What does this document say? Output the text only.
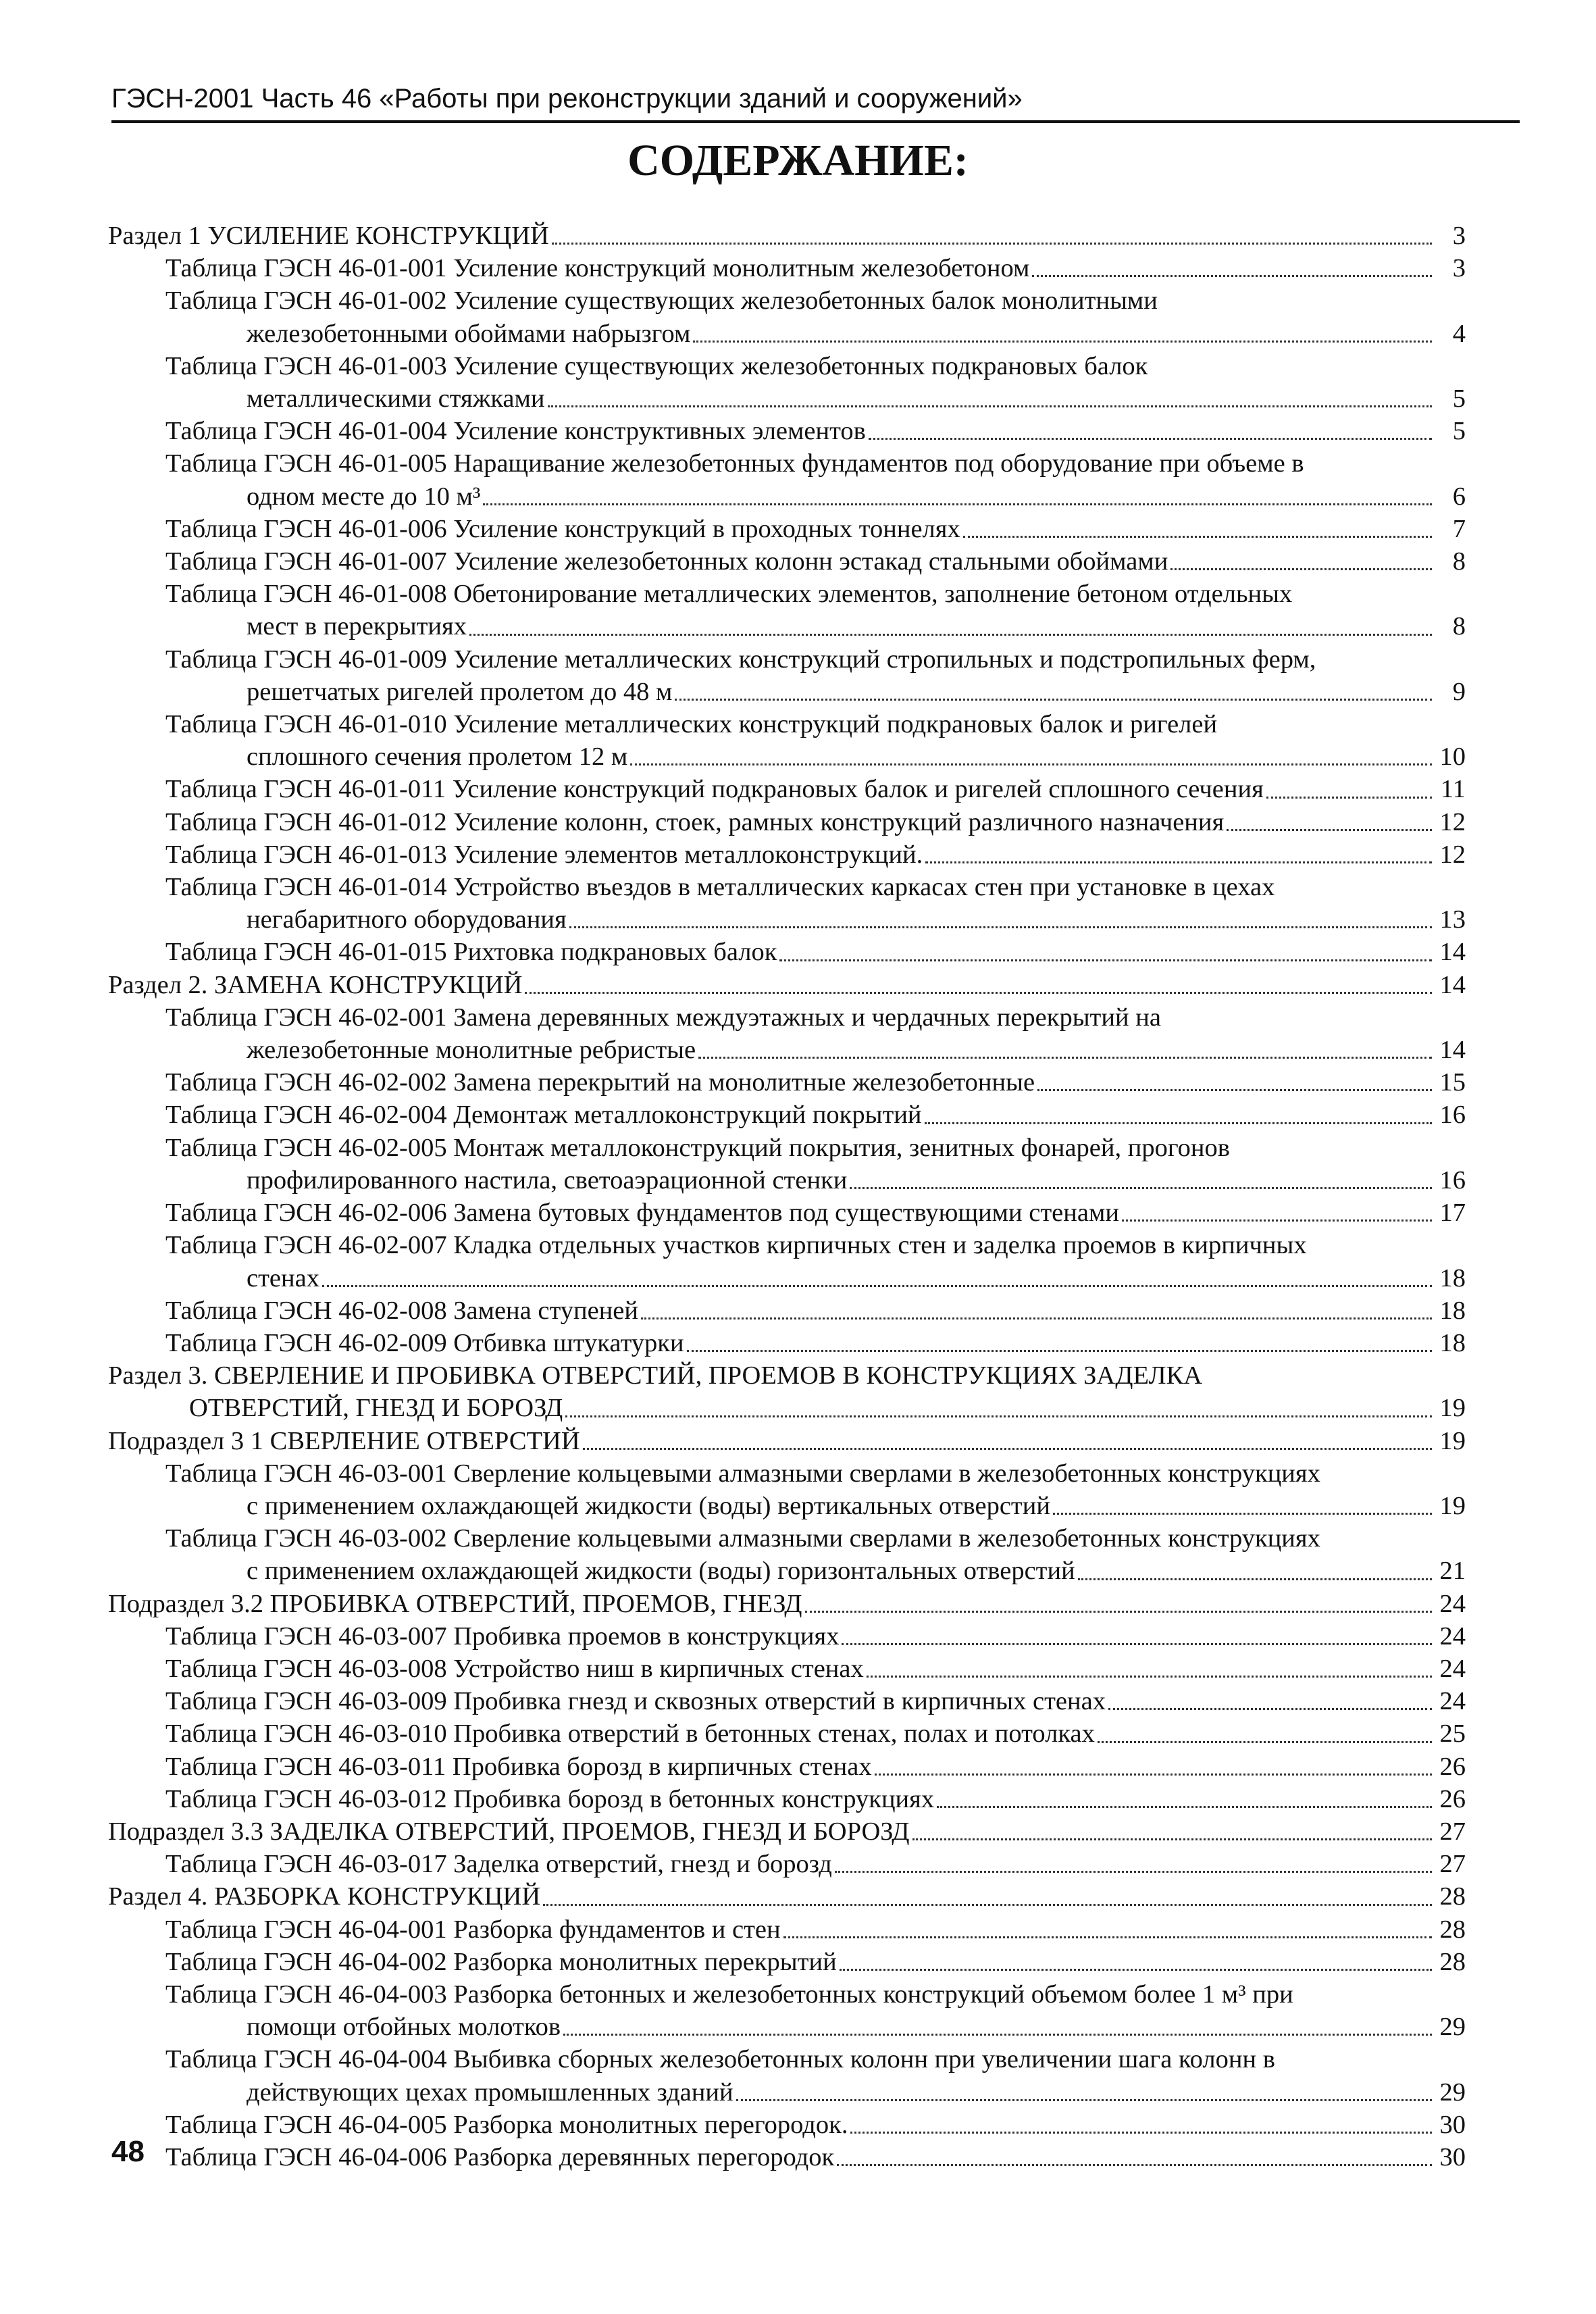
ГЭСН-2001 Часть 46 «Работы при реконструкции зданий и сооружений»
СОДЕРЖАНИЕ:
Раздел 1 УСИЛЕНИЕ КОНСТРУКЦИЙ	3
Таблица ГЭСН 46-01-001 Усиление конструкций монолитным железобетоном	3
Таблица ГЭСН 46-01-002 Усиление существующих железобетонных балок монолитными
железобетонными обоймами набрызгом	4
Таблица ГЭСН 46-01-003 Усиление существующих железобетонных подкрановых балок
металлическими стяжками	5
Таблица ГЭСН 46-01-004 Усиление конструктивных элементов	5
Таблица ГЭСН 46-01-005 Наращивание железобетонных фундаментов под оборудование при объеме в
одном месте до 10 м³	6
Таблица ГЭСН 46-01-006 Усиление конструкций в проходных тоннелях	7
Таблица ГЭСН 46-01-007 Усиление железобетонных колонн эстакад стальными обоймами	8
Таблица ГЭСН 46-01-008 Обетонирование металлических элементов, заполнение бетоном отдельных
мест в перекрытиях	8
Таблица ГЭСН 46-01-009 Усиление металлических конструкций стропильных и подстропильных ферм,
решетчатых ригелей пролетом до 48 м	9
Таблица ГЭСН 46-01-010 Усиление металлических конструкций подкрановых балок и ригелей
сплошного сечения пролетом 12 м	10
Таблица ГЭСН 46-01-011 Усиление конструкций подкрановых балок и ригелей сплошного сечения	11
Таблица ГЭСН 46-01-012 Усиление колонн, стоек, рамных конструкций различного назначения	12
Таблица ГЭСН 46-01-013 Усиление элементов металлоконструкций.	12
Таблица ГЭСН 46-01-014 Устройство въездов в металлических каркасах стен при установке в цехах
негабаритного оборудования	13
Таблица ГЭСН 46-01-015 Рихтовка подкрановых балок	14
Раздел 2. ЗАМЕНА КОНСТРУКЦИЙ	14
Таблица ГЭСН 46-02-001 Замена деревянных междуэтажных и чердачных перекрытий на
железобетонные монолитные ребристые	14
Таблица ГЭСН 46-02-002 Замена перекрытий на монолитные железобетонные	15
Таблица ГЭСН 46-02-004 Демонтаж металлоконструкций покрытий	16
Таблица ГЭСН 46-02-005 Монтаж металлоконструкций покрытия, зенитных фонарей, прогонов
профилированного настила, светоаэрационной стенки	16
Таблица ГЭСН 46-02-006 Замена бутовых фундаментов под существующими стенами	17
Таблица ГЭСН 46-02-007 Кладка отдельных участков кирпичных стен и заделка проемов в кирпичных
стенах	18
Таблица ГЭСН 46-02-008 Замена ступеней	18
Таблица ГЭСН 46-02-009 Отбивка штукатурки	18
Раздел 3. СВЕРЛЕНИЕ И ПРОБИВКА ОТВЕРСТИЙ, ПРОЕМОВ В КОНСТРУКЦИЯХ ЗАДЕЛКА
ОТВЕРСТИЙ, ГНЕЗД И БОРОЗД	19
Подраздел 3 1 СВЕРЛЕНИЕ ОТВЕРСТИЙ	19
Таблица ГЭСН 46-03-001 Сверление кольцевыми алмазными сверлами в железобетонных конструкциях
с применением охлаждающей жидкости (воды) вертикальных отверстий	19
Таблица ГЭСН 46-03-002 Сверление кольцевыми алмазными сверлами в железобетонных конструкциях
с применением охлаждающей жидкости (воды) горизонтальных отверстий	21
Подраздел 3.2 ПРОБИВКА ОТВЕРСТИЙ, ПРОЕМОВ, ГНЕЗД	24
Таблица ГЭСН 46-03-007 Пробивка проемов в конструкциях	24
Таблица ГЭСН 46-03-008 Устройство ниш в кирпичных стенах	24
Таблица ГЭСН 46-03-009 Пробивка гнезд и сквозных отверстий в кирпичных стенах	24
Таблица ГЭСН 46-03-010 Пробивка отверстий в бетонных стенах, полах и потолках	25
Таблица ГЭСН 46-03-011 Пробивка борозд в кирпичных стенах	26
Таблица ГЭСН 46-03-012 Пробивка борозд в бетонных конструкциях	26
Подраздел 3.3 ЗАДЕЛКА ОТВЕРСТИЙ, ПРОЕМОВ, ГНЕЗД И БОРОЗД	27
Таблица ГЭСН 46-03-017 Заделка отверстий, гнезд и борозд	27
Раздел 4. РАЗБОРКА КОНСТРУКЦИЙ	28
Таблица ГЭСН 46-04-001 Разборка фундаментов и стен	28
Таблица ГЭСН 46-04-002 Разборка монолитных перекрытий	28
Таблица ГЭСН 46-04-003 Разборка бетонных и железобетонных конструкций объемом более 1 м³ при
помощи отбойных молотков	29
Таблица ГЭСН 46-04-004 Выбивка сборных железобетонных колонн при увеличении шага колонн в
действующих цехах промышленных зданий	29
Таблица ГЭСН 46-04-005 Разборка монолитных перегородок.	30
Таблица ГЭСН 46-04-006 Разборка деревянных перегородок	30
48
